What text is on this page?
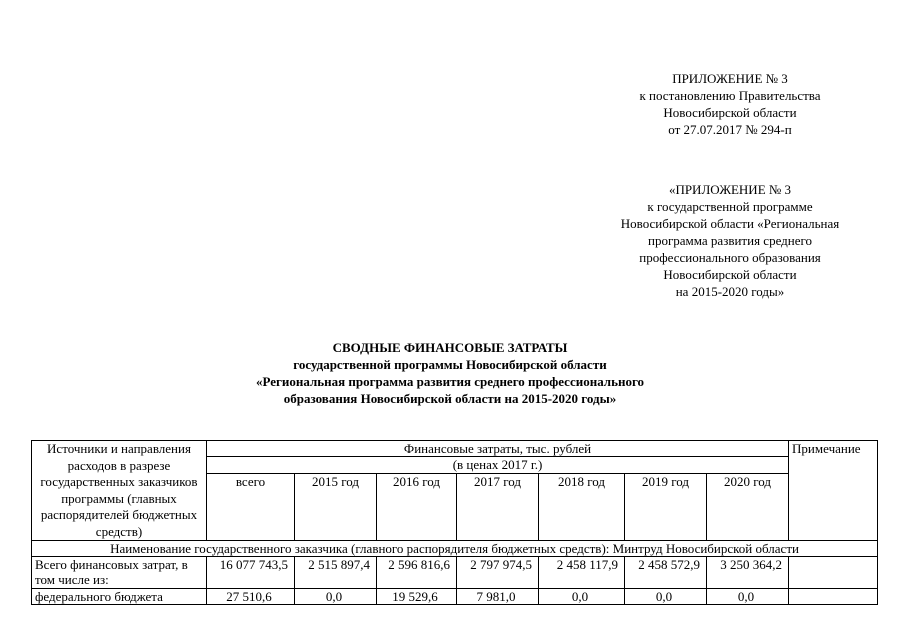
ПРИЛОЖЕНИЕ № 3
к постановлению Правительства
Новосибирской области
от 27.07.2017 № 294-п
«ПРИЛОЖЕНИЕ № 3
к государственной программе
Новосибирской области «Региональная
программа развития среднего
профессионального образования
Новосибирской области
на 2015-2020 годы»
СВОДНЫЕ ФИНАНСОВЫЕ ЗАТРАТЫ
государственной программы Новосибирской области
«Региональная программа развития среднего профессионального
образования Новосибирской области на 2015-2020 годы»
Источники и направления расходов в разрезе государственных заказчиков программы (главных распорядителей бюджетных средств)	Финансовые затраты, тыс. рублей							Примечание
	(в ценах 2017 г.)							
	всего	2015 год	2016 год	2017 год	2018 год	2019 год	2020 год	
Наименование государственного заказчика (главного распорядителя бюджетных средств): Минтруд Новосибирской области								
Всего финансовых затрат, в том числе из:	16 077 743,5	2 515 897,4	2 596 816,6	2 797 974,5	2 458 117,9	2 458 572,9	3 250 364,2	
федерального бюджета	27 510,6	0,0	19 529,6	7 981,0	0,0	0,0	0,0	
